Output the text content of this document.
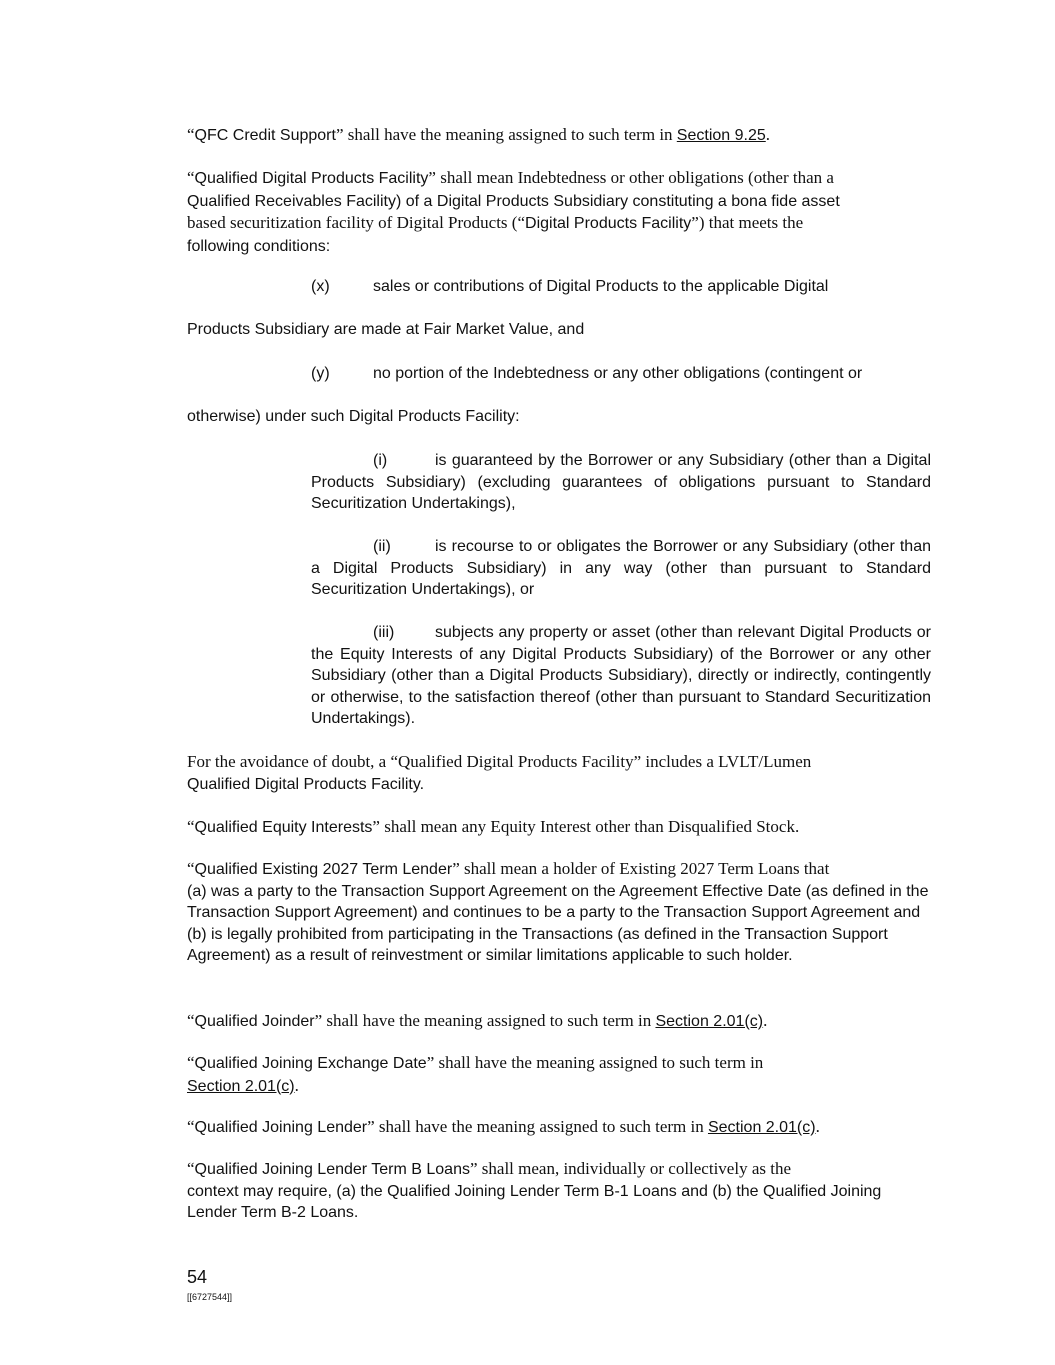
“QFC Credit Support” shall have the meaning assigned to such term in Section 9.25.

“Qualified Digital Products Facility” shall mean Indebtedness or other obligations (other than a
Qualified Receivables Facility) of a Digital Products Subsidiary constituting a bona fide asset
based securitization facility of Digital Products (“Digital Products Facility”) that meets the
following conditions:

(x)	sales or contributions of Digital Products to the applicable Digital
Products Subsidiary are made at Fair Market Value, and
(y)	no portion of the Indebtedness or any other obligations (contingent or
otherwise) under such Digital Products Facility:

(i)	is guaranteed by the Borrower or any Subsidiary (other than a Digital Products Subsidiary) (excluding guarantees of obligations pursuant to Standard Securitization Undertakings),

(ii)	is recourse to or obligates the Borrower or any Subsidiary (other than a Digital Products Subsidiary) in any way (other than pursuant to Standard Securitization Undertakings), or

(iii)	subjects any property or asset (other than relevant Digital Products or the Equity Interests of any Digital Products Subsidiary) of the Borrower or any other Subsidiary (other than a Digital Products Subsidiary), directly or indirectly, contingently or otherwise, to the satisfaction thereof (other than pursuant to Standard Securitization Undertakings).

For the avoidance of doubt, a “Qualified Digital Products Facility” includes a LVLT/Lumen
Qualified Digital Products Facility.

“Qualified Equity Interests” shall mean any Equity Interest other than Disqualified Stock.

“Qualified Existing 2027 Term Lender” shall mean a holder of Existing 2027 Term Loans that

(a) was a party to the Transaction Support Agreement on the Agreement Effective Date (as defined in the Transaction Support Agreement) and continues to be a party to the Transaction Support Agreement and (b) is legally prohibited from participating in the Transactions (as defined in the Transaction Support Agreement) as a result of reinvestment or similar limitations applicable to such holder.

“Qualified Joinder” shall have the meaning assigned to such term in Section 2.01(c).

“Qualified Joining Exchange Date” shall have the meaning assigned to such term in
Section 2.01(c).

“Qualified Joining Lender” shall have the meaning assigned to such term in Section 2.01(c).

“Qualified Joining Lender Term B Loans” shall mean, individually or collectively as the

context may require, (a) the Qualified Joining Lender Term B-1 Loans and (b) the Qualified Joining Lender Term B-2 Loans.

54
[[6727544]]
